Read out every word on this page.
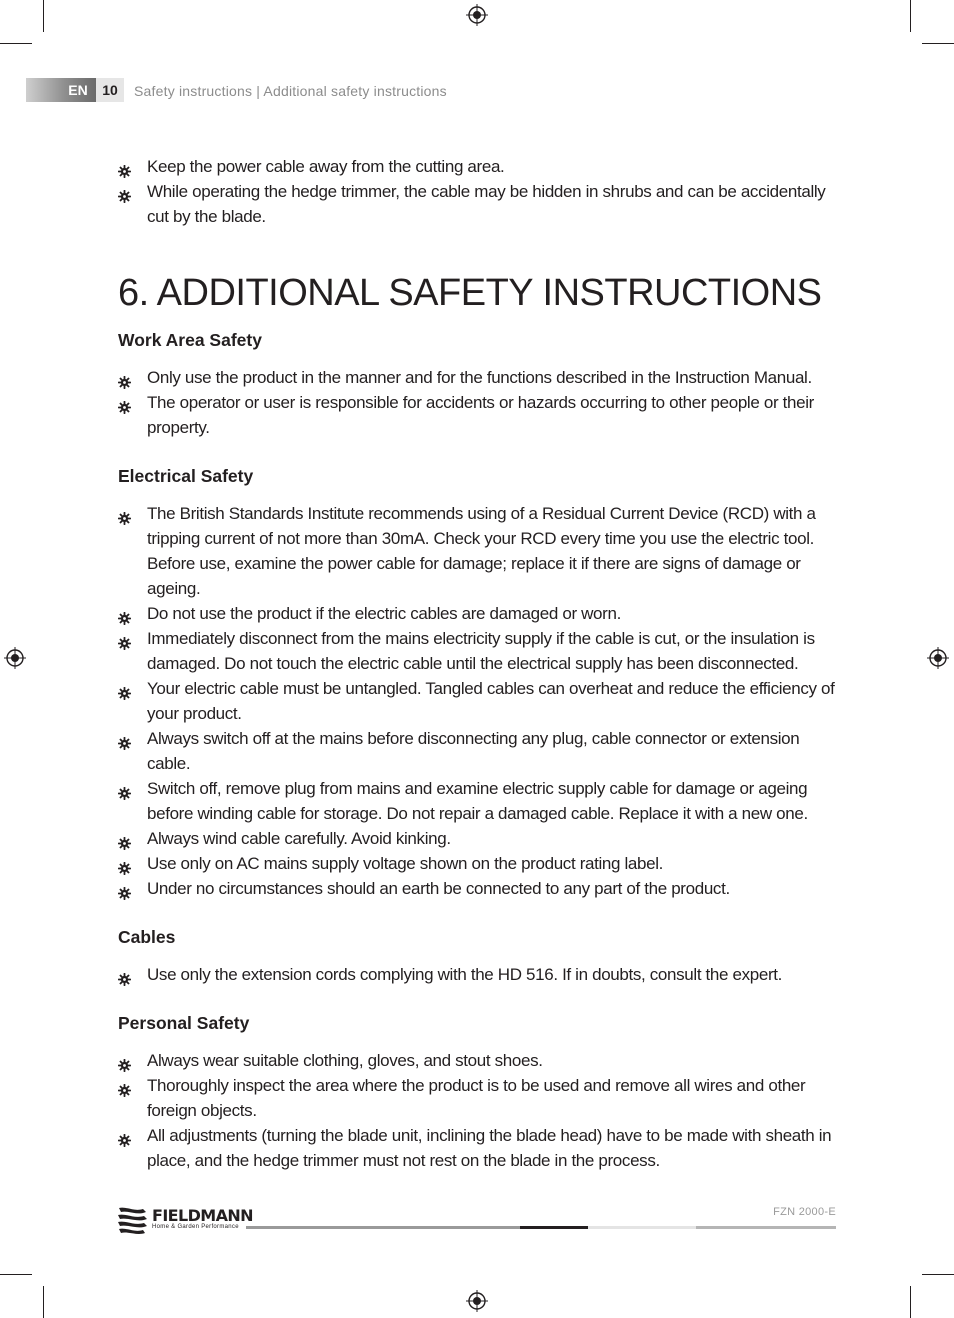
EN	10	Safety instructions | Additional safety instructions
Keep the power cable away from the cutting area.
While operating the hedge trimmer, the cable may be hidden in shrubs and can be accidentally cut by the blade.
6. ADDITIONAL SAFETY INSTRUCTIONS
Work Area Safety
Only use the product in the manner and for the functions described in the Instruction Manual.
The operator or user is responsible for accidents or hazards occurring to other people or their property.
Electrical Safety
The British Standards Institute recommends using of a Residual Current Device (RCD) with a tripping current of not more than 30mA. Check your RCD every time you use the electric tool. Before use, examine the power cable for damage; replace it if there are signs of damage or ageing.
Do not use the product if the electric cables are damaged or worn.
Immediately disconnect from the mains electricity supply if the cable is cut, or the insulation is damaged. Do not touch the electric cable until the electrical supply has been disconnected.
Your electric cable must be untangled. Tangled cables can overheat and reduce the efficiency of your product.
Always switch off at the mains before disconnecting any plug, cable connector or extension cable.
Switch off, remove plug from mains and examine electric supply cable for damage or ageing before winding cable for storage. Do not repair a damaged cable. Replace it with a new one.
Always wind cable carefully. Avoid kinking.
Use only on AC mains supply voltage shown on the product rating label.
Under no circumstances should an earth be connected to any part of the product.
Cables
Use only the extension cords complying with the HD 516. If in doubts, consult the expert.
Personal Safety
Always wear suitable clothing, gloves, and stout shoes.
Thoroughly inspect the area where the product is to be used and remove all wires and other foreign objects.
All adjustments (turning the blade unit, inclining the blade head) have to be made with sheath in place, and the hedge trimmer must not rest on the blade in the process.
FIELDMANN
Home & Garden Performance
FZN 2000-E
